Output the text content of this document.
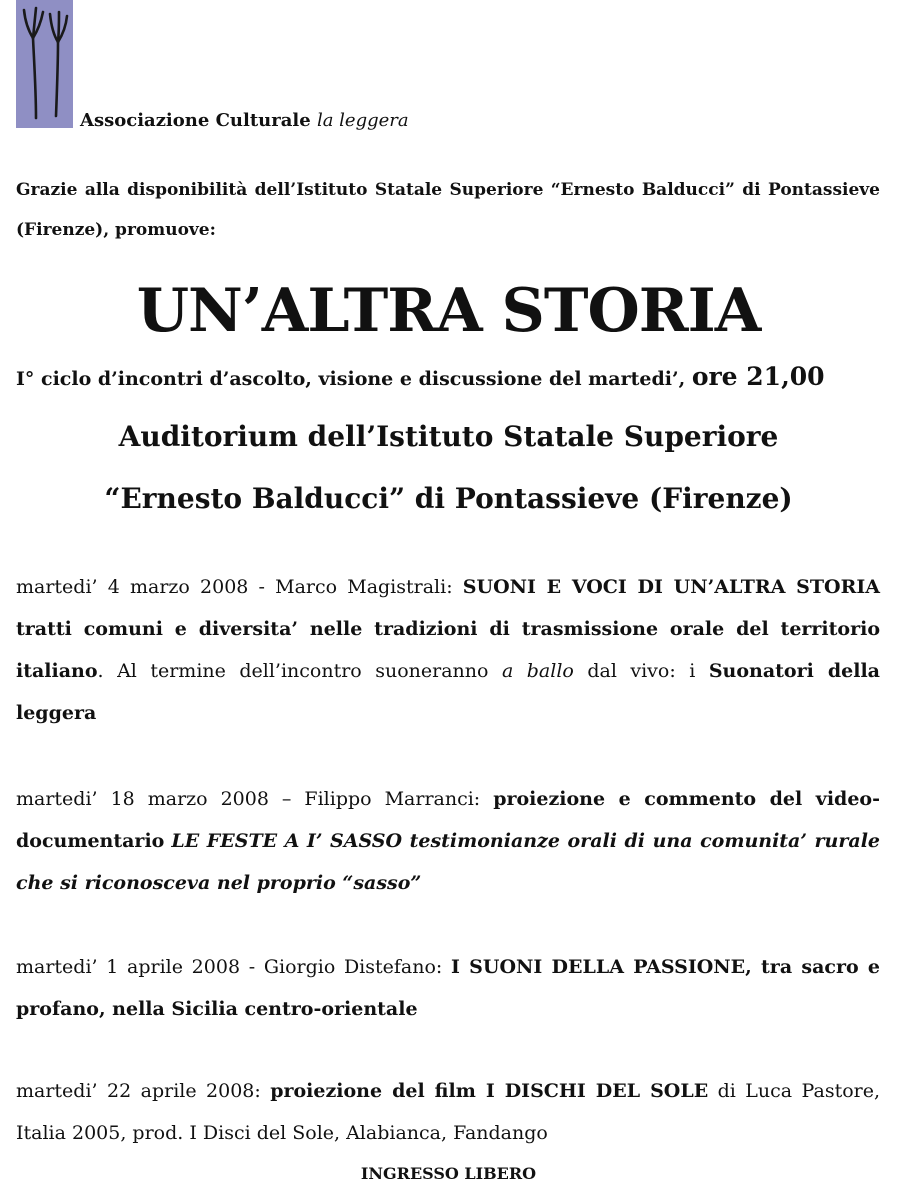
Associazione Culturale la leggera
Grazie alla disponibilità dell’Istituto Statale Superiore “Ernesto Balducci” di Pontassieve (Firenze), promuove:
UN’ALTRA STORIA
I° ciclo d’incontri d’ascolto, visione e discussione del martedi’, ore 21,00
Auditorium dell’Istituto Statale Superiore
“Ernesto Balducci” di Pontassieve (Firenze)
martedi’ 4 marzo 2008 - Marco Magistrali: SUONI E VOCI DI UN’ALTRA STORIA tratti comuni e diversita’ nelle tradizioni di trasmissione orale del territorio italiano. Al termine dell’incontro suoneranno a ballo dal vivo: i Suonatori della leggera
martedi’ 18 marzo 2008 – Filippo Marranci: proiezione e commento del video-documentario LE FESTE A I’ SASSO testimonianze orali di una comunita’ rurale che si riconosceva nel proprio “sasso”
martedi’ 1 aprile 2008 - Giorgio Distefano: I SUONI DELLA PASSIONE, tra sacro e profano, nella Sicilia centro-orientale
martedi’ 22 aprile 2008: proiezione del film I DISCHI DEL SOLE di Luca Pastore, Italia 2005, prod. I Disci del Sole, Alabianca, Fandango
INGRESSO LIBERO
